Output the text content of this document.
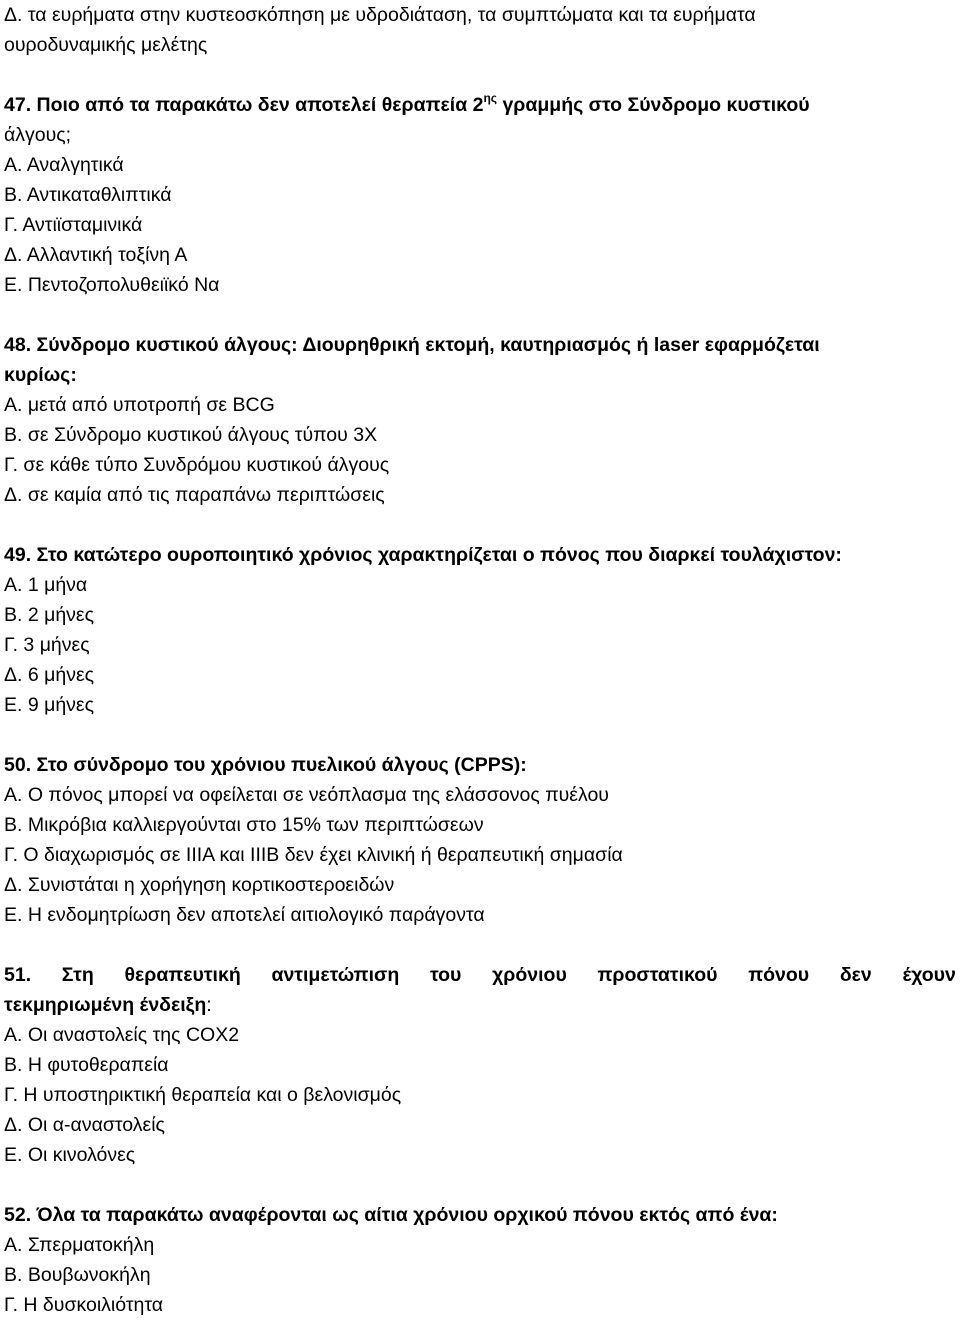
Δ. τα ευρήματα στην κυστεοσκόπηση με υδροδιάταση, τα συμπτώματα και τα ευρήματα
ουροδυναμικής μελέτης
47. Ποιο από τα παρακάτω δεν αποτελεί θεραπεία $2^{\eta\varsigma}$ γραμμής στο Σύνδρομο κυστικού
άλγους;
Α. Αναλγητικά
Β. Αντικαταθλιπτικά
Γ. Αντιϊσταμινικά
Δ. Αλλαντική τοξίνη Α
Ε. Πεντοζοπολυθειϊκό Να
48. Σύνδρομο κυστικού άλγους: Διουρηθρική εκτομή, καυτηριασμός ή laser εφαρμόζεται
κυρίως:
Α. μετά από υποτροπή σε BCG
Β. σε Σύνδρομο κυστικού άλγους τύπου 3Χ
Γ. σε κάθε τύπο Συνδρόμου κυστικού άλγους
Δ. σε καμία από τις παραπάνω περιπτώσεις
49. Στο κατώτερο ουροποιητικό χρόνιος χαρακτηρίζεται ο πόνος που διαρκεί τουλάχιστον:
Α. 1 μήνα
Β. 2 μήνες
Γ. 3 μήνες
Δ. 6 μήνες
Ε. 9 μήνες
50. Στο σύνδρομο του χρόνιου πυελικού άλγους (CPPS):
Α. Ο πόνος μπορεί να οφείλεται σε νεόπλασμα της ελάσσονος πυέλου
Β. Μικρόβια καλλιεργούνται στο 15% των περιπτώσεων
Γ. Ο διαχωρισμός σε ΙΙΙΑ και ΙΙΙΒ δεν έχει κλινική ή θεραπευτική σημασία
Δ. Συνιστάται η χορήγηση κορτικοστεροειδών
Ε. Η ενδομητρίωση δεν αποτελεί αιτιολογικό παράγοντα
51. Στη θεραπευτική αντιμετώπιση του χρόνιου προστατικού πόνου δεν έχουν
τεκμηριωμένη ένδειξη:
Α. Οι αναστολείς της COX2
Β. Η φυτοθεραπεία
Γ. Η υποστηρικτική θεραπεία και ο βελονισμός
Δ. Οι α-αναστολείς
Ε. Οι κινολόνες
52. Όλα τα παρακάτω αναφέρονται ως αίτια χρόνιου ορχικού πόνου εκτός από ένα:
Α. Σπερματοκήλη
Β. Βουβωνοκήλη
Γ. Η δυσκοιλιότητα
